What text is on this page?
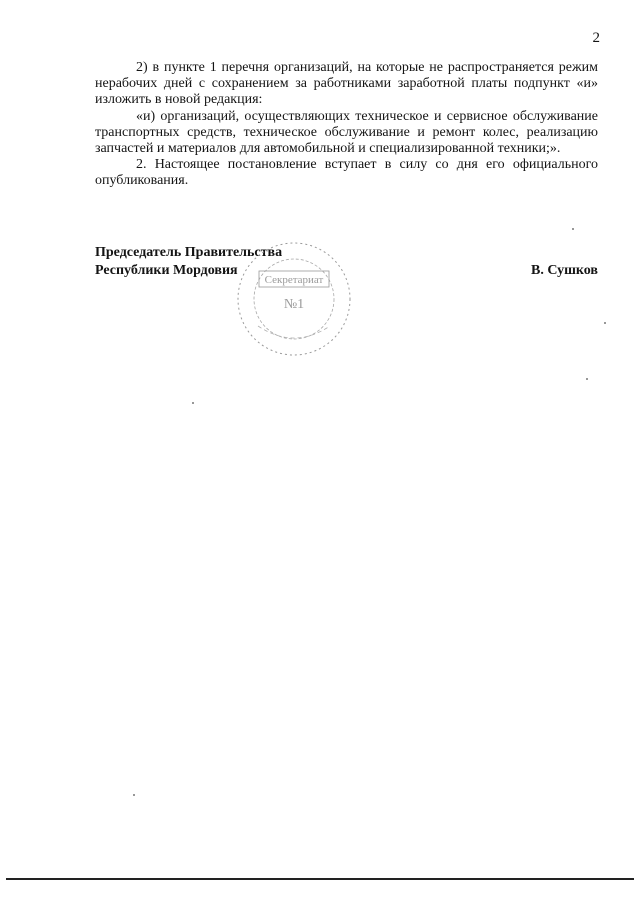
2

2) в пункте 1 перечня организаций, на которые не распространяется режим нерабочих дней с сохранением за работниками заработной платы подпункт «и» изложить в новой редакция:

«и) организаций, осуществляющих техническое и сервисное обслуживание транспортных средств, техническое обслуживание и ремонт колес, реализацию запчастей и материалов для автомобильной и специализированной техники;».

2. Настоящее постановление вступает в силу со дня его официального опубликования.

Председатель Правительства
Республики Мордовия	В. Сушков
Секретариат
№1
